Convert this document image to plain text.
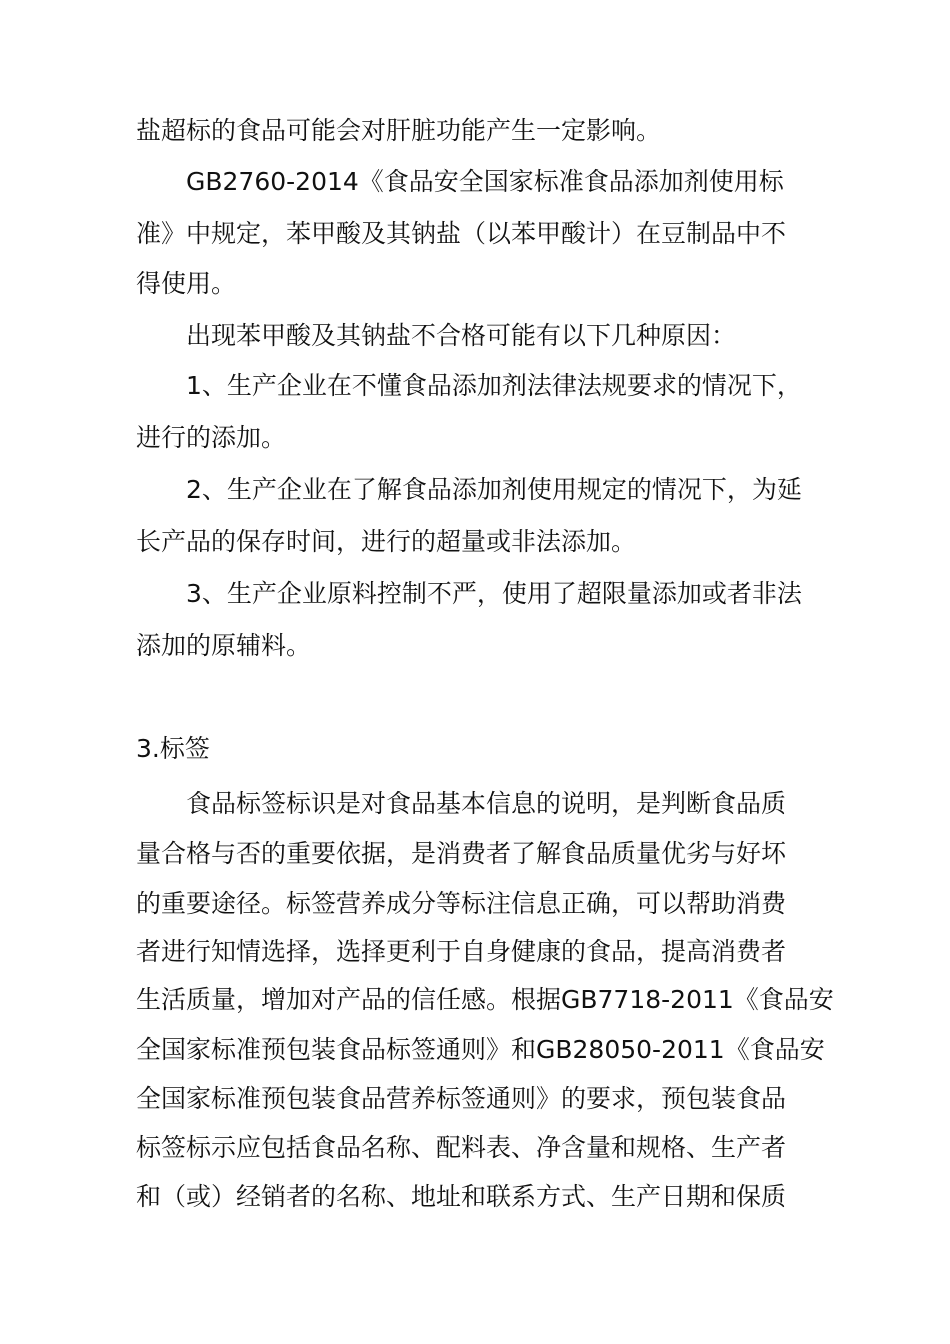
盐超标的食品可能会对肝脏功能产生一定影响。
GB2760-2014《食品安全国家标准食品添加剂使用标
准》中规定，苯甲酸及其钠盐（以苯甲酸计）在豆制品中不
得使用。
出现苯甲酸及其钠盐不合格可能有以下几种原因：
1、生产企业在不懂食品添加剂法律法规要求的情况下，
进行的添加。
2、生产企业在了解食品添加剂使用规定的情况下，为延
长产品的保存时间，进行的超量或非法添加。
3、生产企业原料控制不严，使用了超限量添加或者非法
添加的原辅料。
3.标签
食品标签标识是对食品基本信息的说明，是判断食品质
量合格与否的重要依据，是消费者了解食品质量优劣与好坏
的重要途径。标签营养成分等标注信息正确，可以帮助消费
者进行知情选择，选择更利于自身健康的食品，提高消费者
生活质量，增加对产品的信任感。根据GB7718-2011《食品安
全国家标准预包装食品标签通则》和GB28050-2011《食品安
全国家标准预包装食品营养标签通则》的要求，预包装食品
标签标示应包括食品名称、配料表、净含量和规格、生产者
和（或）经销者的名称、地址和联系方式、生产日期和保质
